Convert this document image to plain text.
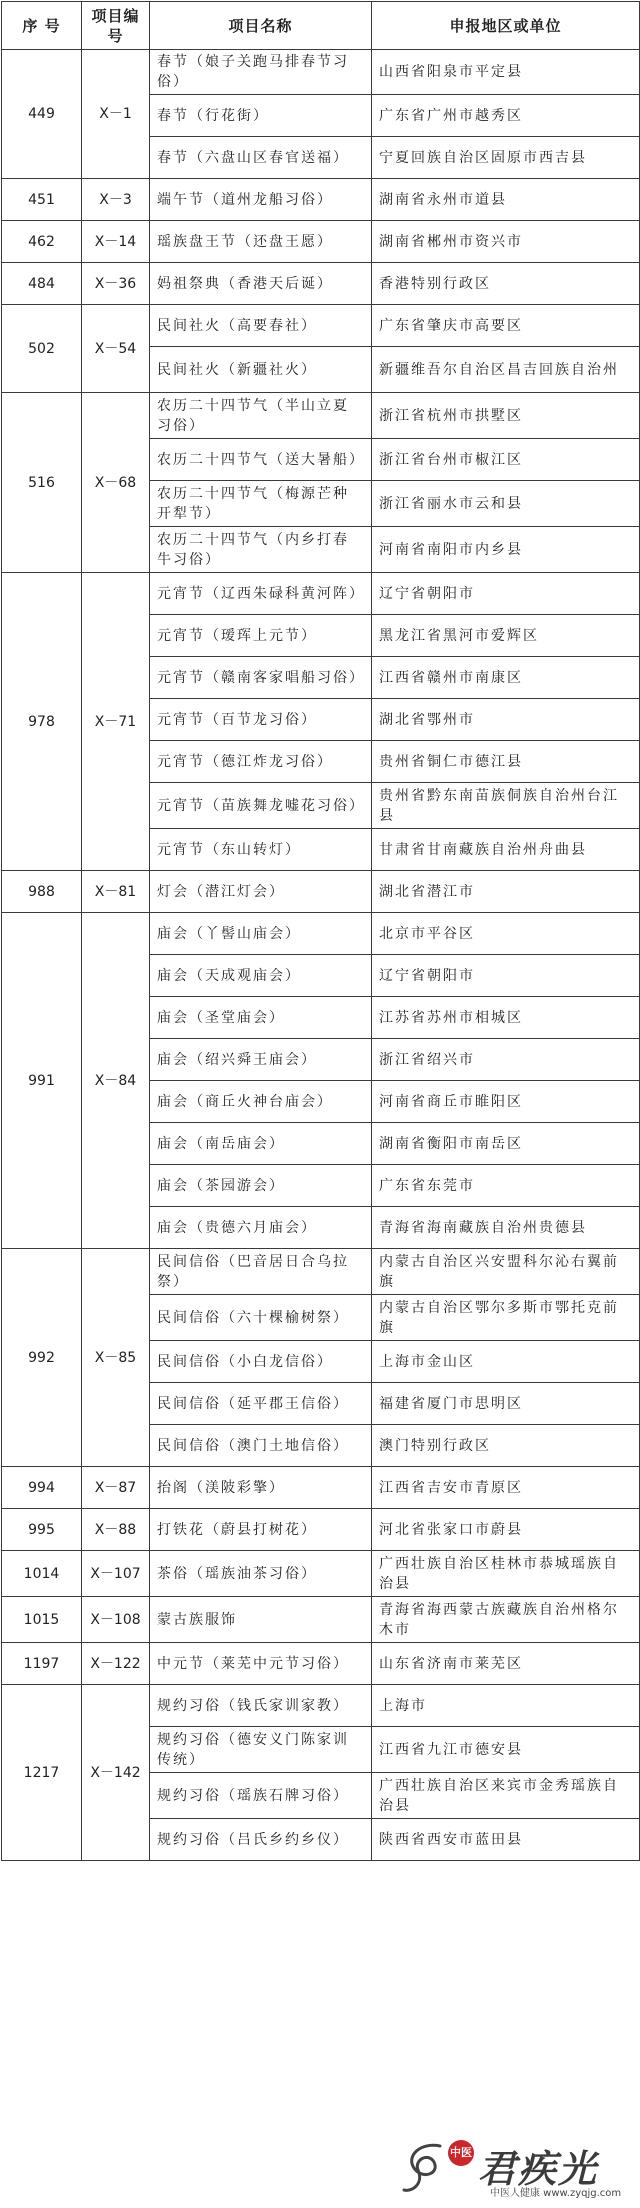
序 号	项目编号	项目名称	申报地区或单位
449	Ⅹ－1	春节（娘子关跑马排春节习俗）	山西省阳泉市平定县
		春节（行花街）	广东省广州市越秀区
		春节（六盘山区春官送福）	宁夏回族自治区固原市西吉县
451	Ⅹ－3	端午节（道州龙船习俗）	湖南省永州市道县
462	Ⅹ－14	瑶族盘王节（还盘王愿）	湖南省郴州市资兴市
484	Ⅹ－36	妈祖祭典（香港天后诞）	香港特别行政区
502	Ⅹ－54	民间社火（高要春社）	广东省肇庆市高要区
		民间社火（新疆社火）	新疆维吾尔自治区昌吉回族自治州
516	Ⅹ－68	农历二十四节气（半山立夏习俗）	浙江省杭州市拱墅区
		农历二十四节气（送大暑船）	浙江省台州市椒江区
		农历二十四节气（梅源芒种开犁节）	浙江省丽水市云和县
		农历二十四节气（内乡打春牛习俗）	河南省南阳市内乡县
978	Ⅹ－71	元宵节（辽西朱碌科黄河阵）	辽宁省朝阳市
		元宵节（瑷珲上元节）	黑龙江省黑河市爱辉区
		元宵节（赣南客家唱船习俗）	江西省赣州市南康区
		元宵节（百节龙习俗）	湖北省鄂州市
		元宵节（德江炸龙习俗）	贵州省铜仁市德江县
		元宵节（苗族舞龙嘘花习俗）	贵州省黔东南苗族侗族自治州台江县
		元宵节（东山转灯）	甘肃省甘南藏族自治州舟曲县
988	Ⅹ－81	灯会（潜江灯会）	湖北省潜江市
991	Ⅹ－84	庙会（丫髻山庙会）	北京市平谷区
		庙会（天成观庙会）	辽宁省朝阳市
		庙会（圣堂庙会）	江苏省苏州市相城区
		庙会（绍兴舜王庙会）	浙江省绍兴市
		庙会（商丘火神台庙会）	河南省商丘市睢阳区
		庙会（南岳庙会）	湖南省衡阳市南岳区
		庙会（茶园游会）	广东省东莞市
		庙会（贵德六月庙会）	青海省海南藏族自治州贵德县
992	Ⅹ－85	民间信俗（巴音居日合乌拉祭）	内蒙古自治区兴安盟科尔沁右翼前旗
		民间信俗（六十棵榆树祭）	内蒙古自治区鄂尔多斯市鄂托克前旗
		民间信俗（小白龙信俗）	上海市金山区
		民间信俗（延平郡王信俗）	福建省厦门市思明区
		民间信俗（澳门土地信俗）	澳门特别行政区
994	Ⅹ－87	抬阁（渼陂彩擎）	江西省吉安市青原区
995	Ⅹ－88	打铁花（蔚县打树花）	河北省张家口市蔚县
1014	Ⅹ－107	茶俗（瑶族油茶习俗）	广西壮族自治区桂林市恭城瑶族自治县
1015	Ⅹ－108	蒙古族服饰	青海省海西蒙古族藏族自治州格尔木市
1197	Ⅹ－122	中元节（莱芜中元节习俗）	山东省济南市莱芜区
1217	Ⅹ－142	规约习俗（钱氏家训家教）	上海市
		规约习俗（德安义门陈家训传统）	江西省九江市德安县
		规约习俗（瑶族石牌习俗）	广西壮族自治区来宾市金秀瑶族自治县
		规约习俗（吕氏乡约乡仪）	陕西省西安市蓝田县
中医 君疾光
中医人健康 www.zyqjg.com
